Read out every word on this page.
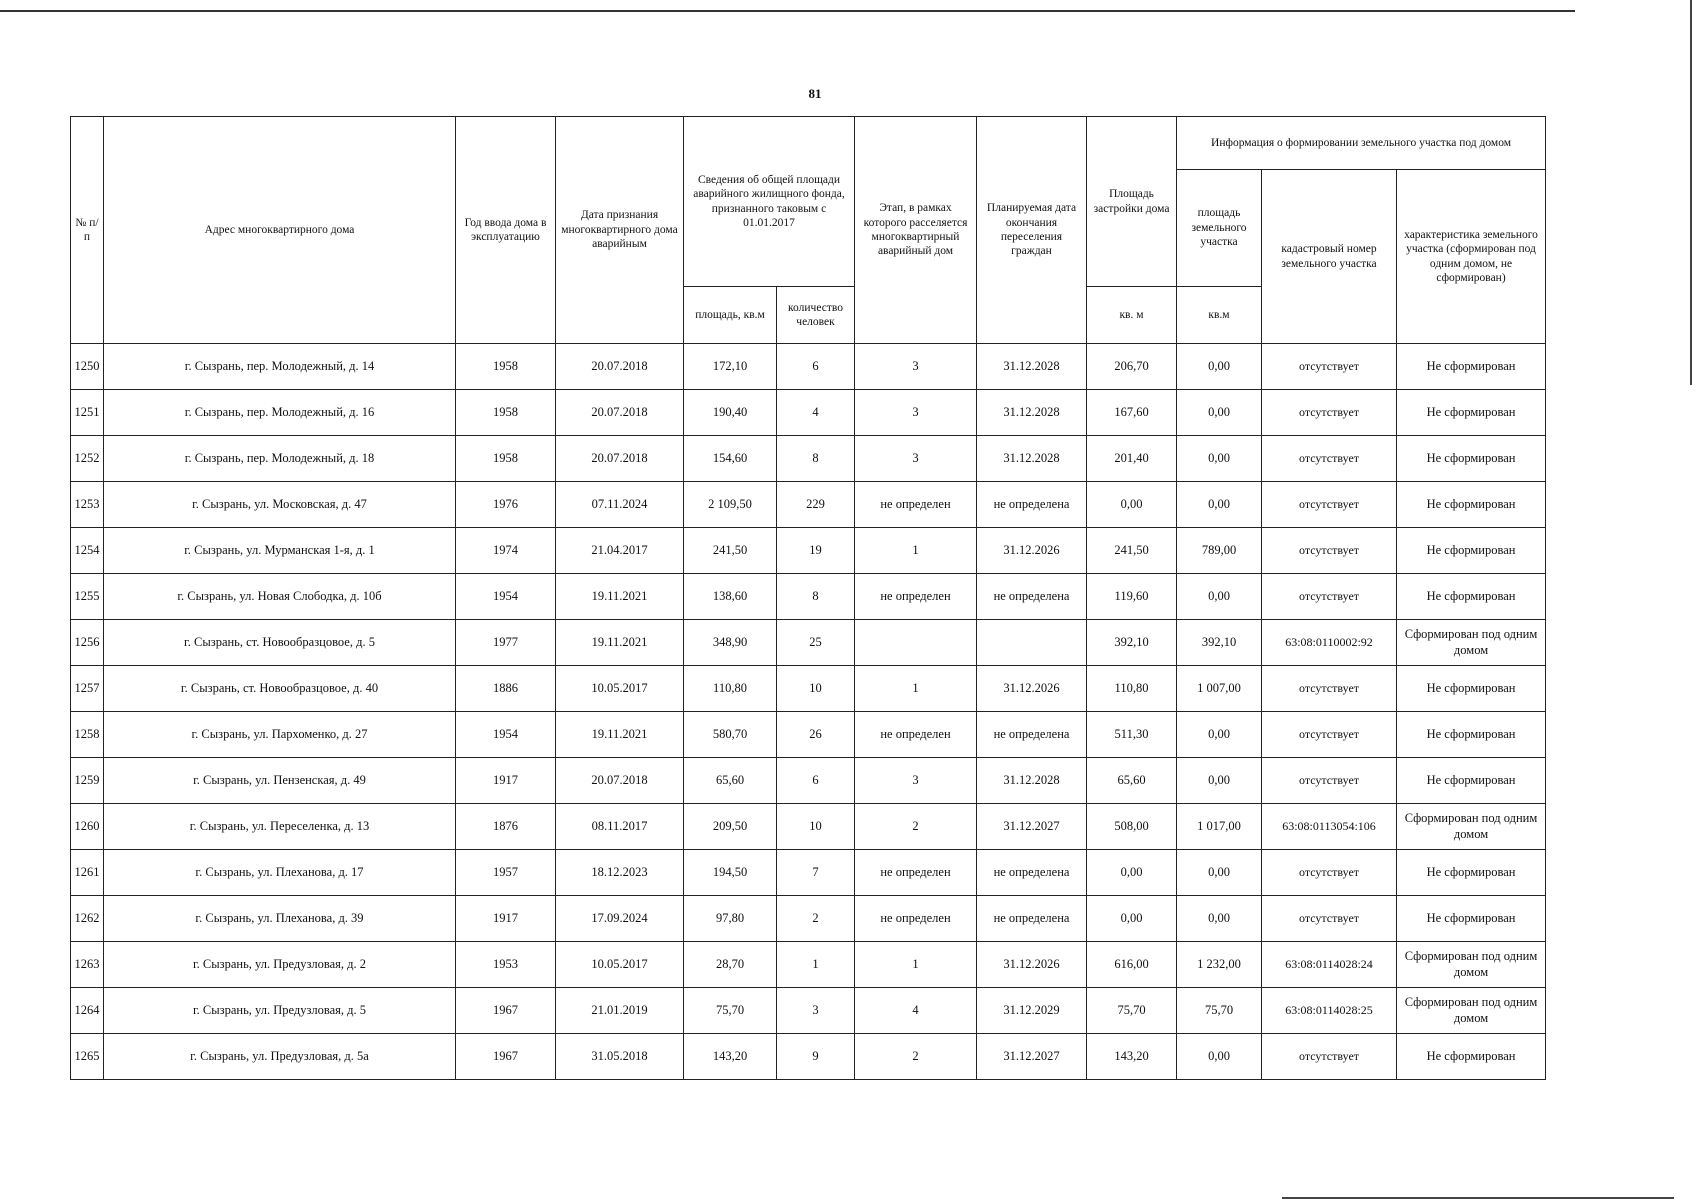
81
№ п/п	Адрес многоквартирного дома	Год ввода дома в эксплуатацию	Дата признания многоквартирного дома аварийным	Сведения об общей площади аварийного жилищного фонда, признанного таковым с 01.01.2017		Этап, в рамках которого расселяется многоквартирный аварийный дом	Планируемая дата окончания переселения граждан	Площадь застройки дома	Информация о формировании земельного участка под домом		
									площадь земельного участка	кадастровый номер земельного участка	характеристика земельного участка (сформирован под одним домом, не сформирован)
				площадь, кв.м	количество человек			кв. м	кв.м		
1250	г. Сызрань, пер. Молодежный, д. 14	1958	20.07.2018	172,10	6	3	31.12.2028	206,70	0,00	отсутствует	Не сформирован
1251	г. Сызрань, пер. Молодежный, д. 16	1958	20.07.2018	190,40	4	3	31.12.2028	167,60	0,00	отсутствует	Не сформирован
1252	г. Сызрань, пер. Молодежный, д. 18	1958	20.07.2018	154,60	8	3	31.12.2028	201,40	0,00	отсутствует	Не сформирован
1253	г. Сызрань, ул. Московская, д. 47	1976	07.11.2024	2 109,50	229	не определен	не определена	0,00	0,00	отсутствует	Не сформирован
1254	г. Сызрань, ул. Мурманская 1-я, д. 1	1974	21.04.2017	241,50	19	1	31.12.2026	241,50	789,00	отсутствует	Не сформирован
1255	г. Сызрань, ул. Новая Слободка, д. 10б	1954	19.11.2021	138,60	8	не определен	не определена	119,60	0,00	отсутствует	Не сформирован
1256	г. Сызрань, ст. Новообразцовое, д. 5	1977	19.11.2021	348,90	25			392,10	392,10	63:08:0110002:92	Сформирован под одним домом
1257	г. Сызрань, ст. Новообразцовое, д. 40	1886	10.05.2017	110,80	10	1	31.12.2026	110,80	1 007,00	отсутствует	Не сформирован
1258	г. Сызрань, ул. Пархоменко, д. 27	1954	19.11.2021	580,70	26	не определен	не определена	511,30	0,00	отсутствует	Не сформирован
1259	г. Сызрань, ул. Пензенская, д. 49	1917	20.07.2018	65,60	6	3	31.12.2028	65,60	0,00	отсутствует	Не сформирован
1260	г. Сызрань, ул. Переселенка, д. 13	1876	08.11.2017	209,50	10	2	31.12.2027	508,00	1 017,00	63:08:0113054:106	Сформирован под одним домом
1261	г. Сызрань, ул. Плеханова, д. 17	1957	18.12.2023	194,50	7	не определен	не определена	0,00	0,00	отсутствует	Не сформирован
1262	г. Сызрань, ул. Плеханова, д. 39	1917	17.09.2024	97,80	2	не определен	не определена	0,00	0,00	отсутствует	Не сформирован
1263	г. Сызрань, ул. Предузловая, д. 2	1953	10.05.2017	28,70	1	1	31.12.2026	616,00	1 232,00	63:08:0114028:24	Сформирован под одним домом
1264	г. Сызрань, ул. Предузловая, д. 5	1967	21.01.2019	75,70	3	4	31.12.2029	75,70	75,70	63:08:0114028:25	Сформирован под одним домом
1265	г. Сызрань, ул. Предузловая, д. 5а	1967	31.05.2018	143,20	9	2	31.12.2027	143,20	0,00	отсутствует	Не сформирован
